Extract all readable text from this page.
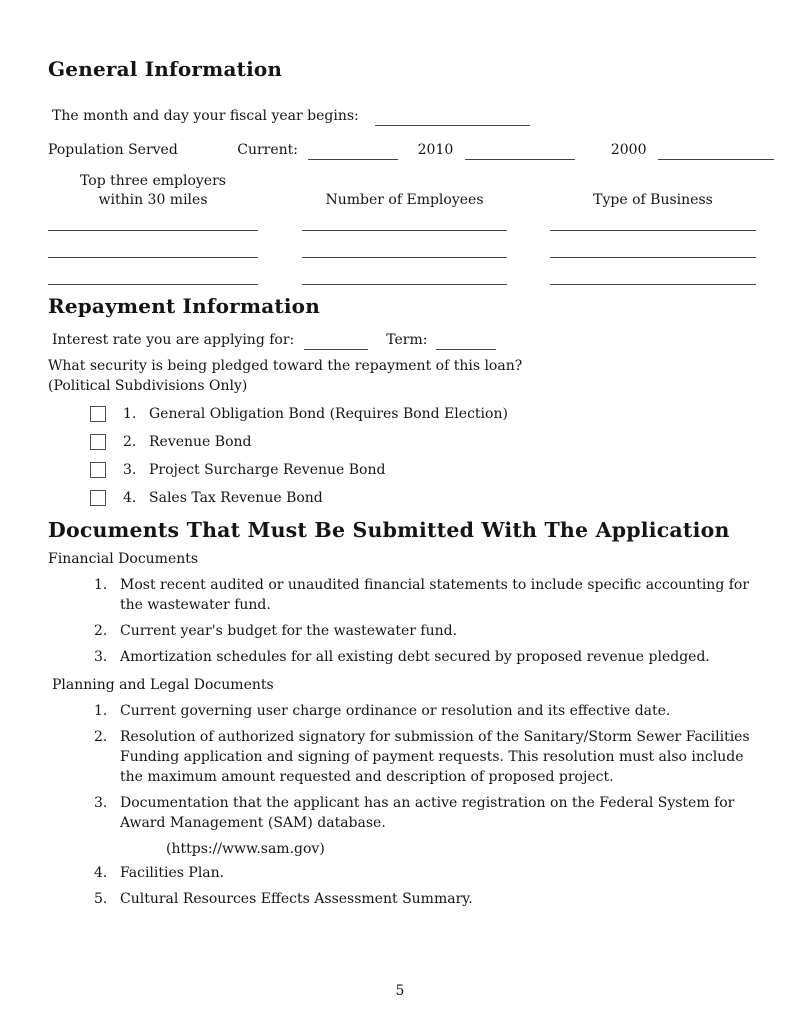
General Information
The month and day your fiscal year begins:
Population Served	Current:	2010	2000
Top three employers
within 30 miles	Number of Employees	Type of Business
Repayment Information
Interest rate you are applying for:	Term:
What security is being pledged toward the repayment of this loan?
(Political Subdivisions Only)
1. General Obligation Bond (Requires Bond Election)
2. Revenue Bond
3. Project Surcharge Revenue Bond
4. Sales Tax Revenue Bond
Documents That Must Be Submitted With The Application
Financial Documents
1. Most recent audited or unaudited financial statements to include specific accounting for the wastewater fund.
2. Current year's budget for the wastewater fund.
3. Amortization schedules for all existing debt secured by proposed revenue pledged.
Planning and Legal Documents
1. Current governing user charge ordinance or resolution and its effective date.
2. Resolution of authorized signatory for submission of the Sanitary/Storm Sewer Facilities Funding application and signing of payment requests. This resolution must also include the maximum amount requested and description of proposed project.
3. Documentation that the applicant has an active registration on the Federal System for Award Management (SAM) database.
(https://www.sam.gov)
4. Facilities Plan.
5. Cultural Resources Effects Assessment Summary.
5
